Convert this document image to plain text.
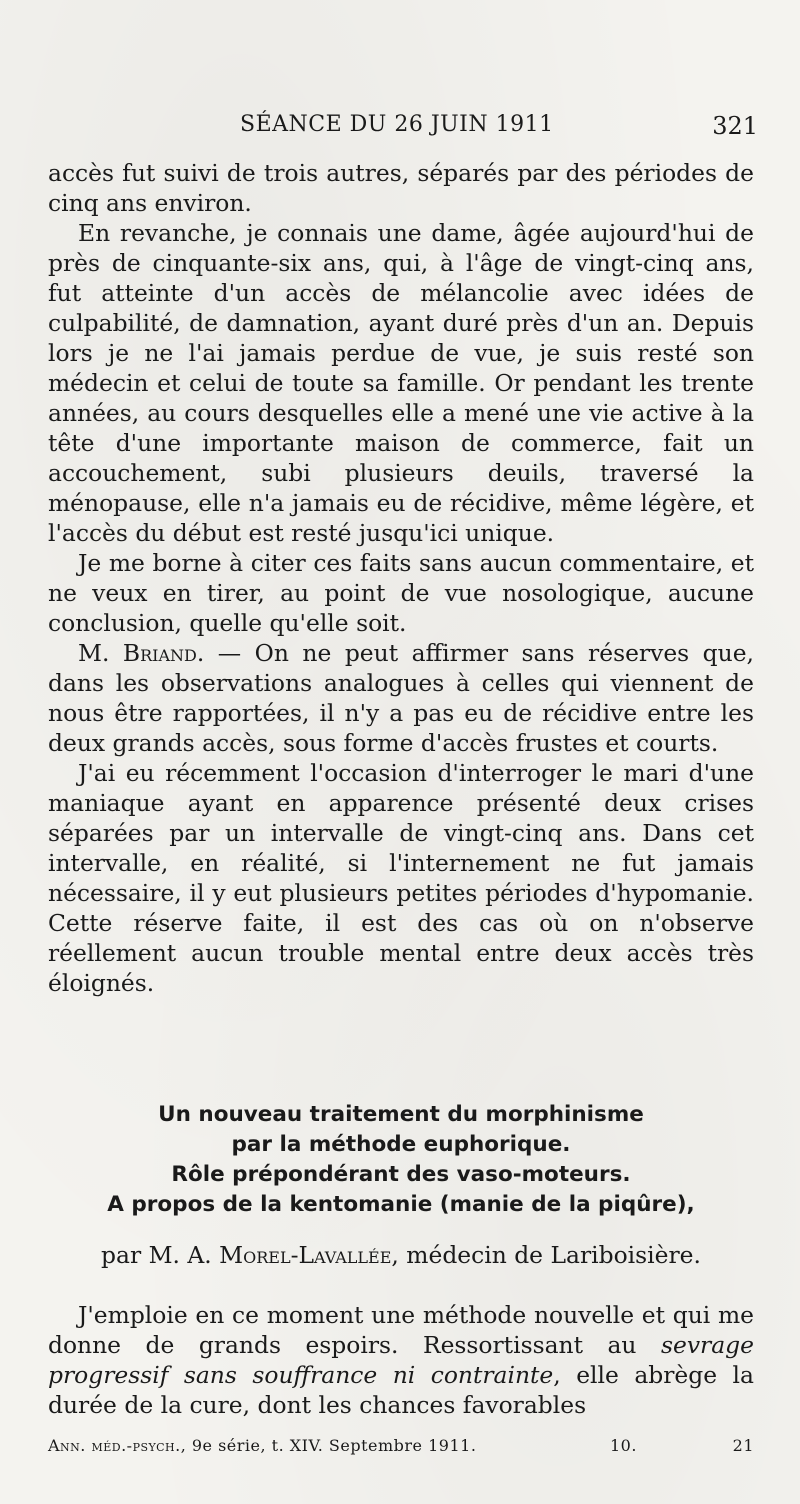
SÉANCE DU 26 JUIN 1911	321

accès fut suivi de trois autres, séparés par des périodes de cinq ans environ.

En revanche, je connais une dame, âgée aujourd'hui de près de cinquante-six ans, qui, à l'âge de vingt-cinq ans, fut atteinte d'un accès de mélancolie avec idées de culpabilité, de damnation, ayant duré près d'un an. Depuis lors je ne l'ai jamais perdue de vue, je suis resté son médecin et celui de toute sa famille. Or pendant les trente années, au cours desquelles elle a mené une vie active à la tête d'une importante maison de commerce, fait un accouchement, subi plusieurs deuils, traversé la ménopause, elle n'a jamais eu de récidive, même légère, et l'accès du début est resté jusqu'ici unique.

Je me borne à citer ces faits sans aucun commentaire, et ne veux en tirer, au point de vue nosologique, aucune conclusion, quelle qu'elle soit.

M. Briand. — On ne peut affirmer sans réserves que, dans les observations analogues à celles qui viennent de nous être rapportées, il n'y a pas eu de récidive entre les deux grands accès, sous forme d'accès frustes et courts.

J'ai eu récemment l'occasion d'interroger le mari d'une maniaque ayant en apparence présenté deux crises séparées par un intervalle de vingt-cinq ans. Dans cet intervalle, en réalité, si l'internement ne fut jamais nécessaire, il y eut plusieurs petites périodes d'hypomanie. Cette réserve faite, il est des cas où on n'observe réellement aucun trouble mental entre deux accès très éloignés.

Un nouveau traitement du morphinisme
par la méthode euphorique.
Rôle prépondérant des vaso-moteurs.
A propos de la kentomanie (manie de la piqûre),
par M. A. Morel-Lavallée, médecin de Lariboisière.

J'emploie en ce moment une méthode nouvelle et qui me donne de grands espoirs. Ressortissant au sevrage progressif sans souffrance ni contrainte, elle abrège la durée de la cure, dont les chances favorables

Ann. méd.-psych., 9e série, t. XIV. Septembre 1911.	10.	21
